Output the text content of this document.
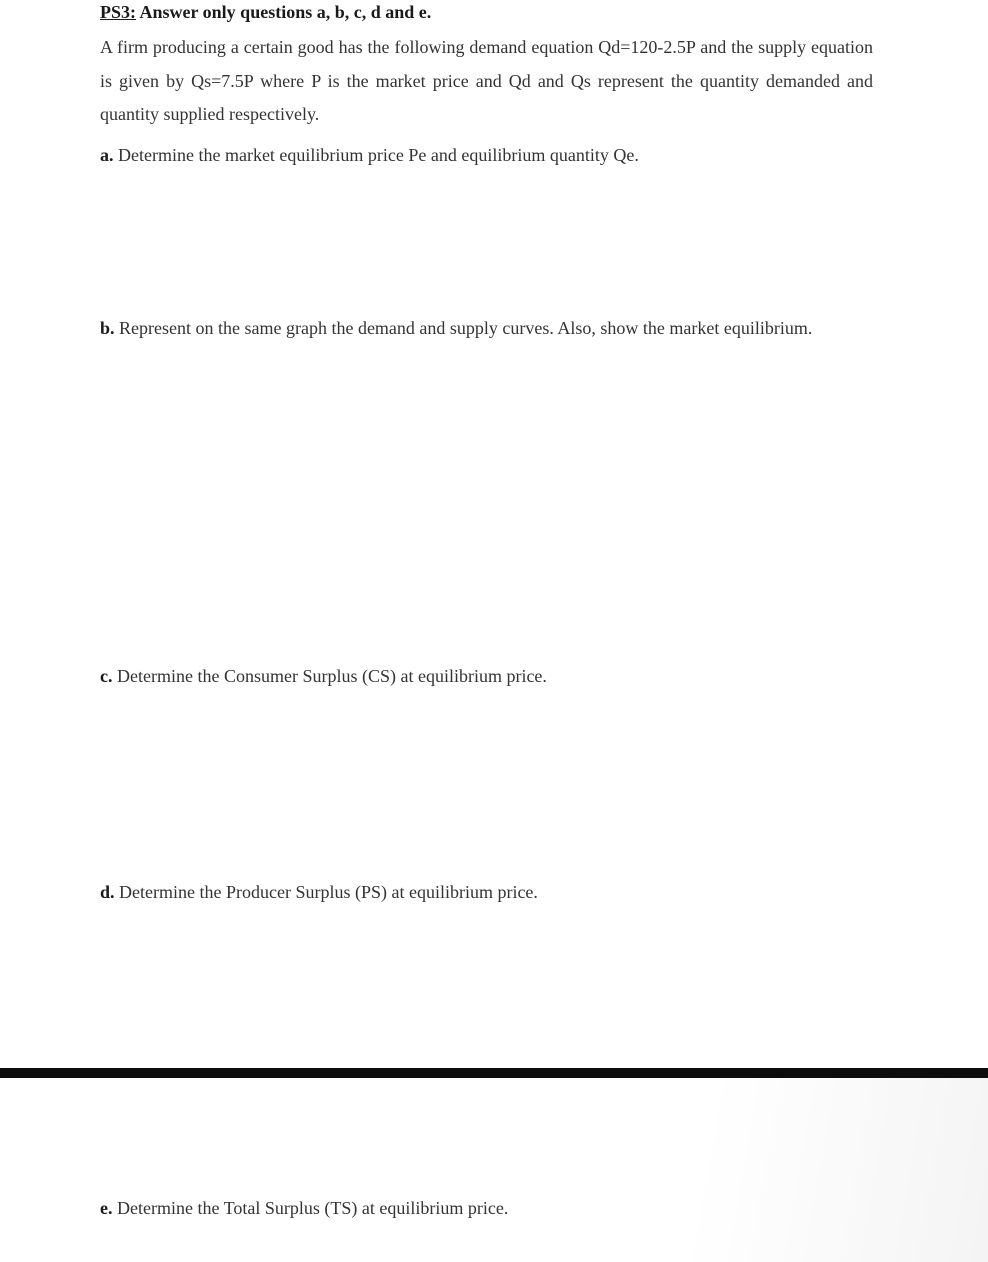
PS3: Answer only questions a, b, c, d and e.

A firm producing a certain good has the following demand equation Qd=120-2.5P and the supply equation is given by Qs=7.5P where P is the market price and Qd and Qs represent the quantity demanded and quantity supplied respectively.

a. Determine the market equilibrium price Pe and equilibrium quantity Qe.

b. Represent on the same graph the demand and supply curves. Also, show the market equilibrium.

c. Determine the Consumer Surplus (CS) at equilibrium price.

d. Determine the Producer Surplus (PS) at equilibrium price.

e. Determine the Total Surplus (TS) at equilibrium price.
